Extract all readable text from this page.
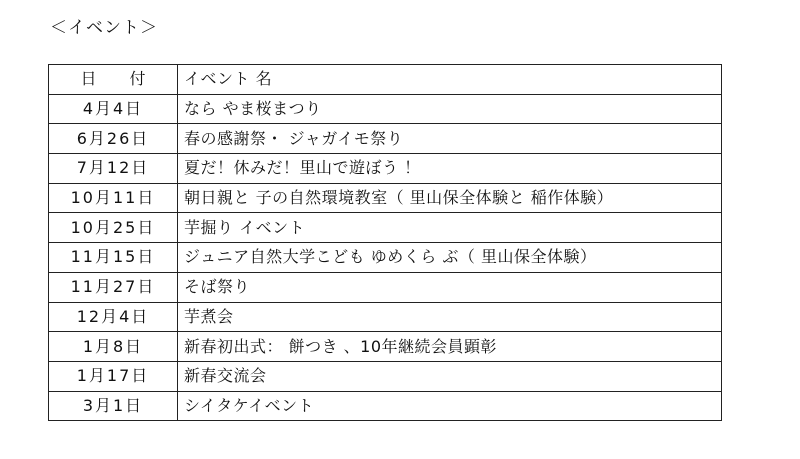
＜イベント＞
日 付	イベント 名
4月4日	なら やま桜まつり
6月26日	春の感謝祭・ ジャガイモ祭り
7月12日	夏だ！休みだ！里山で遊ぼう ！
10月11日	朝日親と 子の自然環境教室（ 里山保全体験と 稲作体験）
10月25日	芋掘り イベント
11月15日	ジュニア自然大学こども ゆめくら ぶ（ 里山保全体験）
11月27日	そば祭り
12月4日	芋煮会
1月8日	新春初出式： 餅つき 、10年継続会員顕彰
1月17日	新春交流会
3月1日	シイタケイベント
